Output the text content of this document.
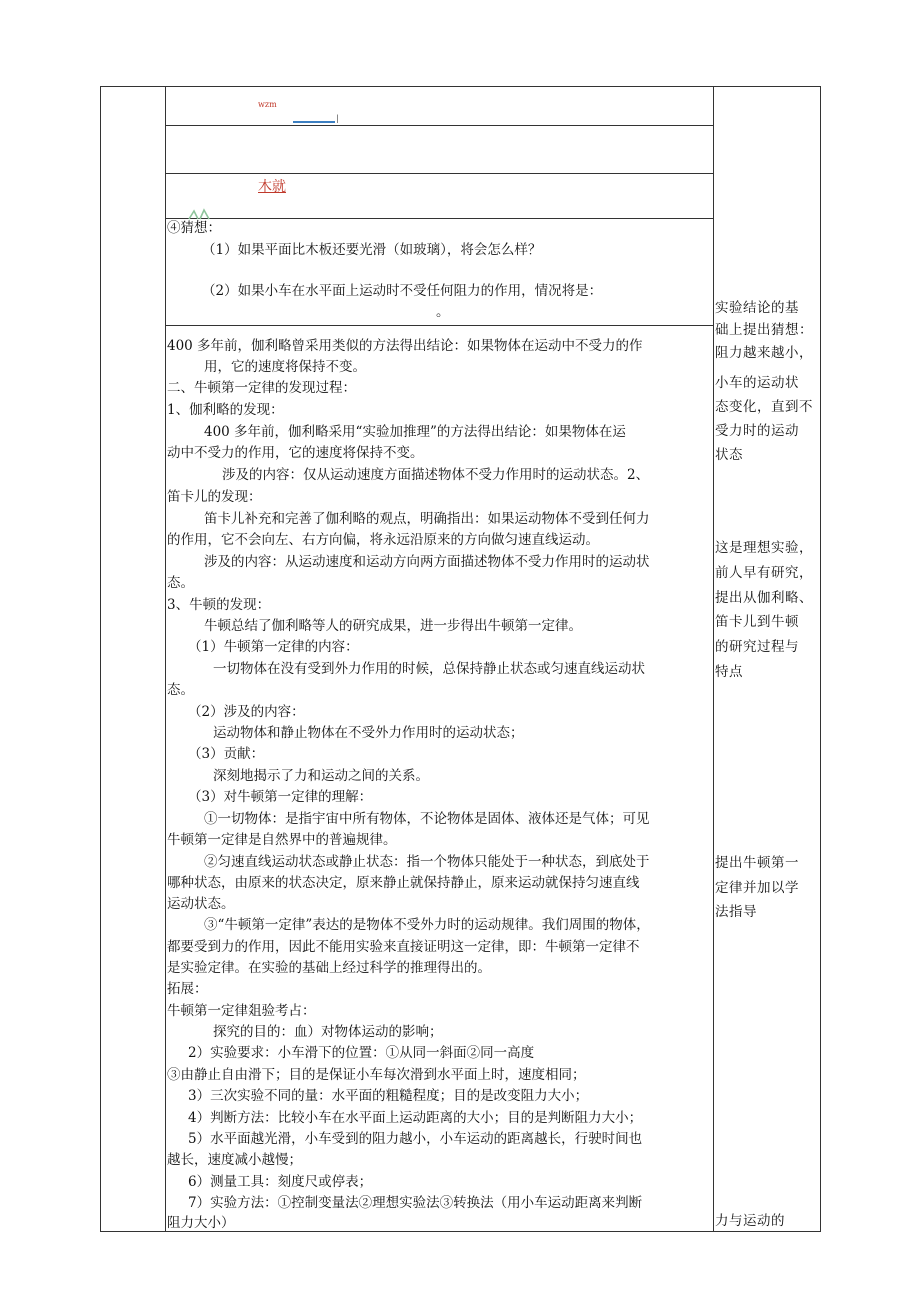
wzm
|
木就
④猜想：
（1）如果平面比木板还要光滑（如玻璃），将会怎么样？
（2）如果小车在水平面上运动时不受任何阻力的作用，情况将是：
。
400 多年前，伽利略曾采用类似的方法得出结论：如果物体在运动中不受力的作
用，它的速度将保持不变。
二、牛顿第一定律的发现过程：
1、伽利略的发现：
400 多年前，伽利略采用“实验加推理”的方法得出结论：如果物体在运
动中不受力的作用，它的速度将保持不变。
涉及的内容：仅从运动速度方面描述物体不受力作用时的运动状态。2、
笛卡儿的发现：
笛卡儿补充和完善了伽利略的观点，明确指出：如果运动物体不受到任何力
的作用，它不会向左、右方向偏，将永远沿原来的方向做匀速直线运动。
涉及的内容：从运动速度和运动方向两方面描述物体不受力作用时的运动状
态。
3、牛顿的发现：
牛顿总结了伽利略等人的研究成果，进一步得出牛顿第一定律。
（1）牛顿第一定律的内容：
一切物体在没有受到外力作用的时候，总保持静止状态或匀速直线运动状
态。
（2）涉及的内容：
运动物体和静止物体在不受外力作用时的运动状态；
（3）贡献：
深刻地揭示了力和运动之间的关系。
（3）对牛顿第一定律的理解：
①一切物体：是指宇宙中所有物体，不论物体是固体、液体还是气体；可见
牛顿第一定律是自然界中的普遍规律。
②匀速直线运动状态或静止状态：指一个物体只能处于一种状态，到底处于
哪种状态，由原来的状态决定，原来静止就保持静止，原来运动就保持匀速直线
运动状态。
③“牛顿第一定律”表达的是物体不受外力时的运动规律。我们周围的物体，
都要受到力的作用，因此不能用实验来直接证明这一定律，即：牛顿第一定律不
是实验定律。在实验的基础上经过科学的推理得出的。
拓展：
牛顿第一定律爼验考占：
探究的目的：血）对物体运动的影响；
2）实验要求：小车滑下的位置：①从同一斜面②同一高度
③由静止自由滑下；目的是保证小车每次滑到水平面上时，速度相同；
3）三次实验不同的量：水平面的粗糙程度；目的是改变阻力大小；
4）判断方法：比较小车在水平面上运动距离的大小；目的是判断阻力大小；
5）水平面越光滑，小车受到的阻力越小，小车运动的距离越长，行驶时间也
越长，速度减小越慢；
6）测量工具：刻度尺或停表；
7）实验方法：①控制变量法②理想实验法③转换法（用小车运动距离来判断
阻力大小）
实验结论的基
础上提出猜想：
阻力越来越小，
小车的运动状
态变化，直到不
受力时的运动
状态
这是理想实验，
前人早有研究，
提出从伽利略、
笛卡儿到牛顿
的研究过程与
特点
提出牛顿第一
定律并加以学
法指导
力与运动的
